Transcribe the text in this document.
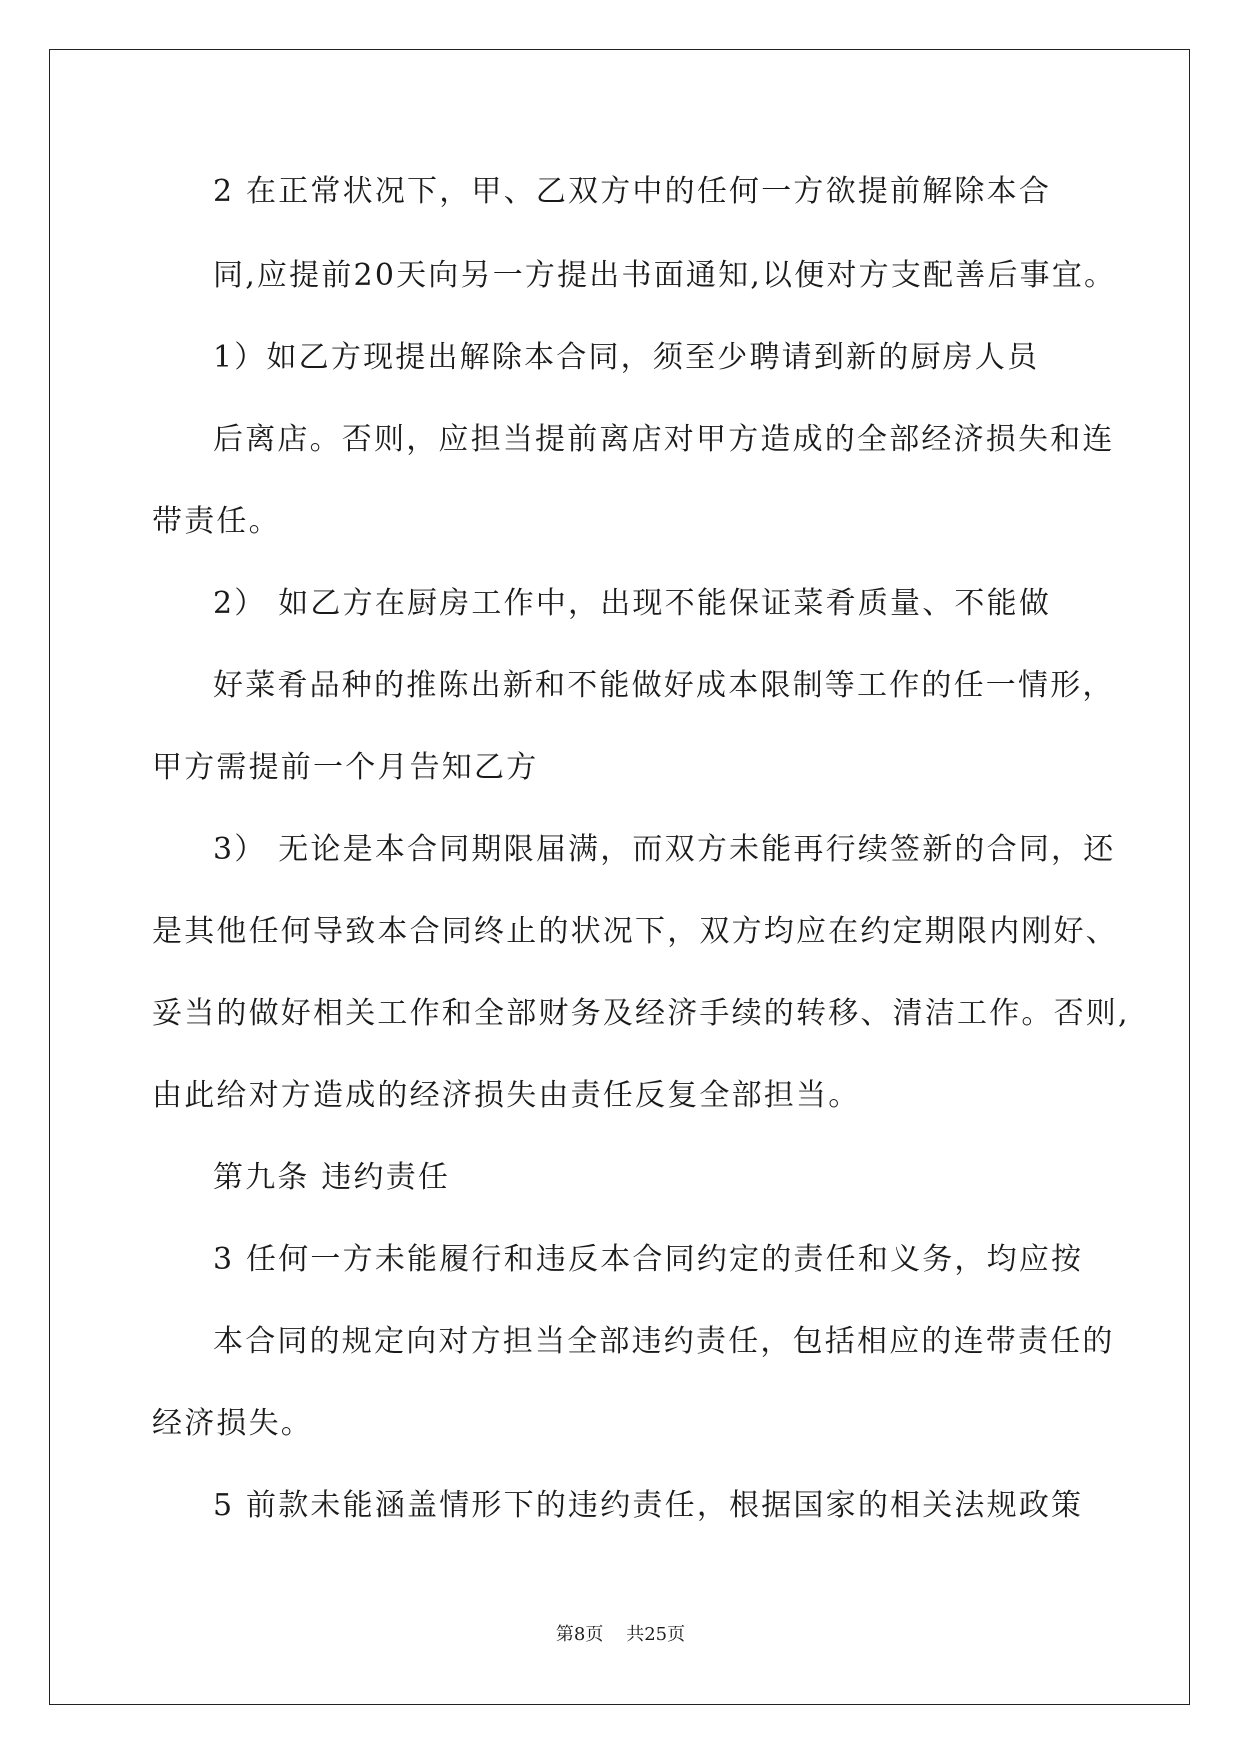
2 在正常状况下，甲、乙双方中的任何一方欲提前解除本合
同,应提前20天向另一方提出书面通知,以便对方支配善后事宜。
1）如乙方现提出解除本合同，须至少聘请到新的厨房人员
后离店。否则，应担当提前离店对甲方造成的全部经济损失和连
带责任。
2） 如乙方在厨房工作中，出现不能保证菜肴质量、不能做
好菜肴品种的推陈出新和不能做好成本限制等工作的任一情形，
甲方需提前一个月告知乙方
3） 无论是本合同期限届满，而双方未能再行续签新的合同，还
是其他任何导致本合同终止的状况下，双方均应在约定期限内刚好、
妥当的做好相关工作和全部财务及经济手续的转移、清洁工作。否则,
由此给对方造成的经济损失由责任反复全部担当。
第九条 违约责任
3 任何一方未能履行和违反本合同约定的责任和义务，均应按
本合同的规定向对方担当全部违约责任，包括相应的连带责任的
经济损失。
5 前款未能涵盖情形下的违约责任，根据国家的相关法规政策
第8页    共25页
